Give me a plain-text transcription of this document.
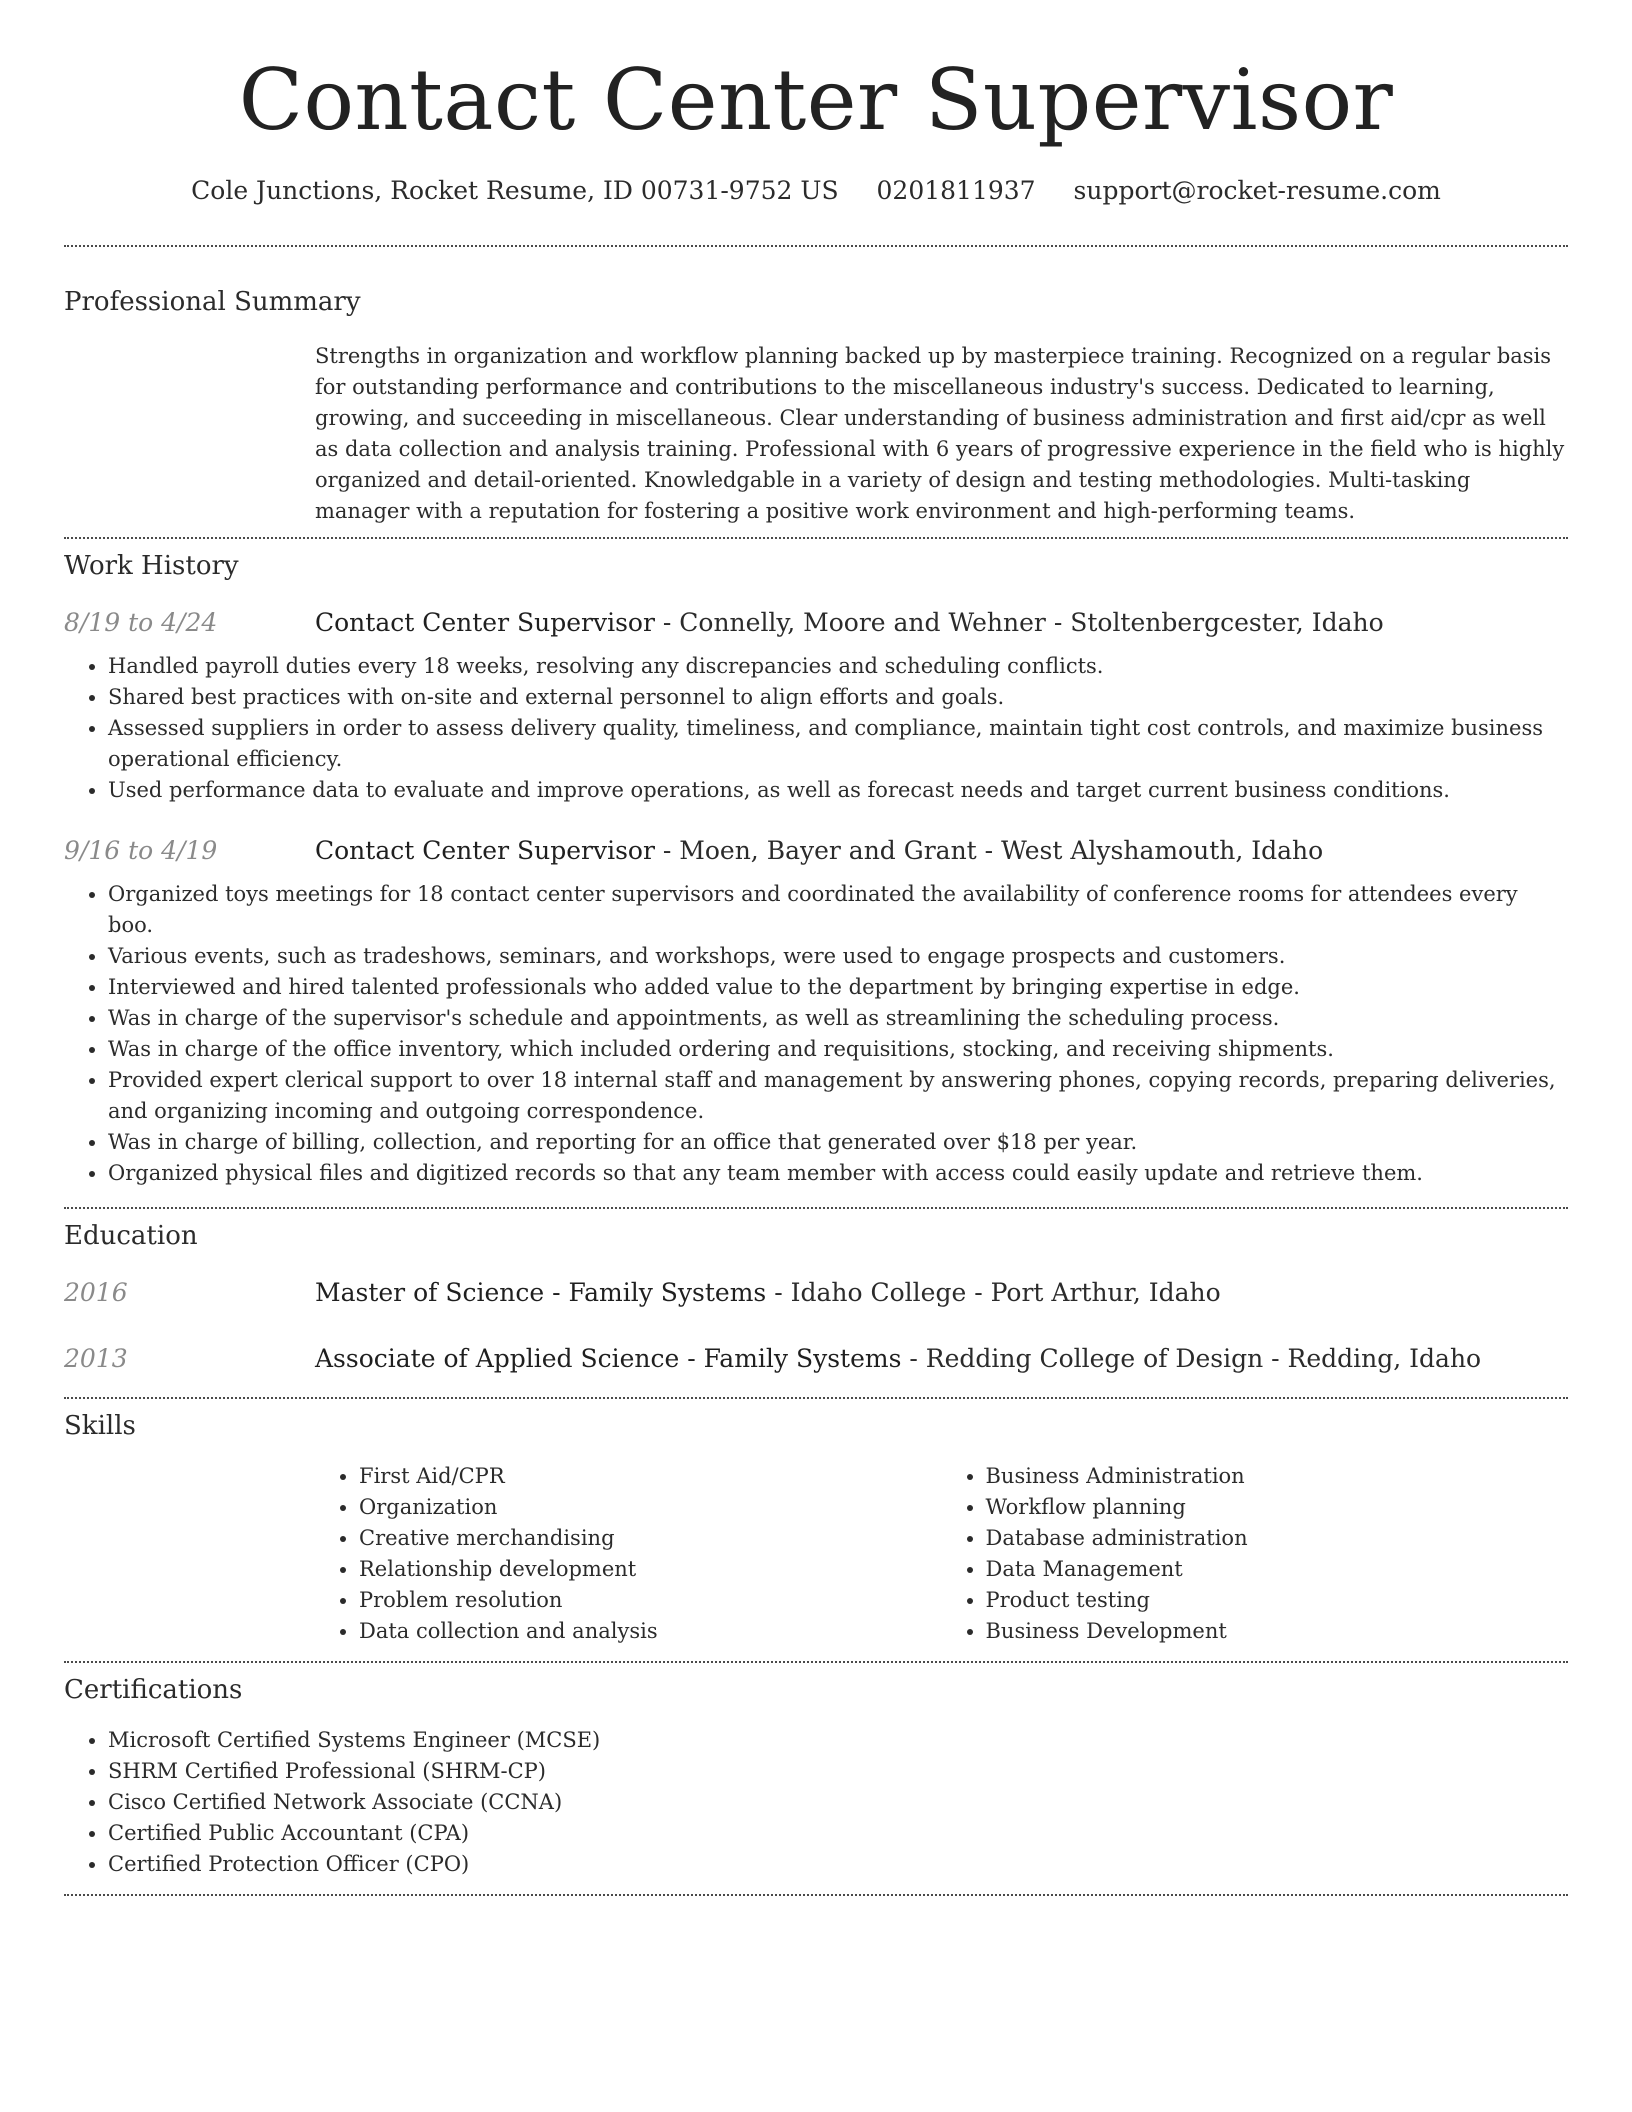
Contact Center Supervisor
Cole Junctions, Rocket Resume, ID 00731-9752 US 0201811937 support@rocket-resume.com
Professional Summary
Strengths in organization and workflow planning backed up by masterpiece training. Recognized on a regular basis for outstanding performance and contributions to the miscellaneous industry's success. Dedicated to learning, growing, and succeeding in miscellaneous. Clear understanding of business administration and first aid/cpr as well as data collection and analysis training. Professional with 6 years of progressive experience in the field who is highly organized and detail-oriented. Knowledgable in a variety of design and testing methodologies. Multi-tasking manager with a reputation for fostering a positive work environment and high-performing teams.
Work History
8/19 to 4/24	Contact Center Supervisor - Connelly, Moore and Wehner - Stoltenbergcester, Idaho
• Handled payroll duties every 18 weeks, resolving any discrepancies and scheduling conflicts.
• Shared best practices with on-site and external personnel to align efforts and goals.
• Assessed suppliers in order to assess delivery quality, timeliness, and compliance, maintain tight cost controls, and maximize business operational efficiency.
• Used performance data to evaluate and improve operations, as well as forecast needs and target current business conditions.
9/16 to 4/19	Contact Center Supervisor - Moen, Bayer and Grant - West Alyshamouth, Idaho
• Organized toys meetings for 18 contact center supervisors and coordinated the availability of conference rooms for attendees every boo.
• Various events, such as tradeshows, seminars, and workshops, were used to engage prospects and customers.
• Interviewed and hired talented professionals who added value to the department by bringing expertise in edge.
• Was in charge of the supervisor's schedule and appointments, as well as streamlining the scheduling process.
• Was in charge of the office inventory, which included ordering and requisitions, stocking, and receiving shipments.
• Provided expert clerical support to over 18 internal staff and management by answering phones, copying records, preparing deliveries, and organizing incoming and outgoing correspondence.
• Was in charge of billing, collection, and reporting for an office that generated over $18 per year.
• Organized physical files and digitized records so that any team member with access could easily update and retrieve them.
Education
2016	Master of Science - Family Systems - Idaho College - Port Arthur, Idaho
2013	Associate of Applied Science - Family Systems - Redding College of Design - Redding, Idaho
Skills
• First Aid/CPR
• Organization
• Creative merchandising
• Relationship development
• Problem resolution
• Data collection and analysis
• Business Administration
• Workflow planning
• Database administration
• Data Management
• Product testing
• Business Development
Certifications
• Microsoft Certified Systems Engineer (MCSE)
• SHRM Certified Professional (SHRM-CP)
• Cisco Certified Network Associate (CCNA)
• Certified Public Accountant (CPA)
• Certified Protection Officer (CPO)
